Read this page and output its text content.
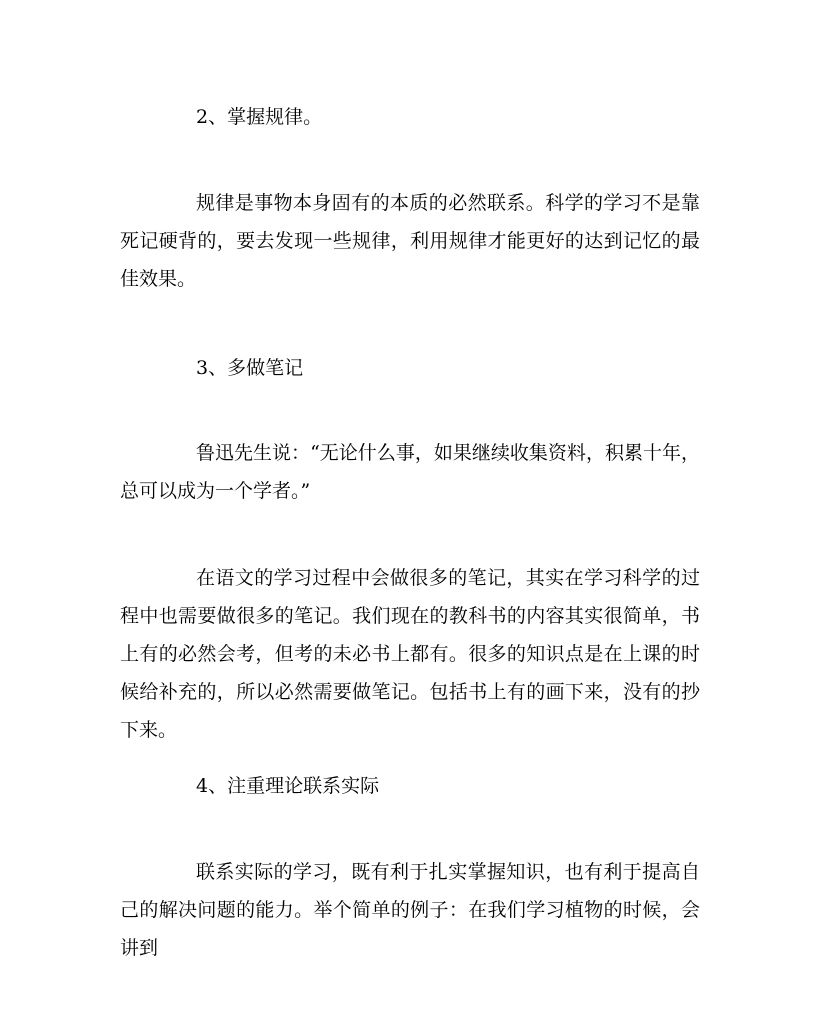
2、掌握规律。

规律是事物本身固有的本质的必然联系。科学的学习不是靠死记硬背的，要去发现一些规律，利用规律才能更好的达到记忆的最佳效果。

3、多做笔记

鲁迅先生说：“无论什么事，如果继续收集资料，积累十年，总可以成为一个学者。”

在语文的学习过程中会做很多的笔记，其实在学习科学的过程中也需要做很多的笔记。我们现在的教科书的内容其实很简单，书上有的必然会考，但考的未必书上都有。很多的知识点是在上课的时候给补充的，所以必然需要做笔记。包括书上有的画下来，没有的抄下来。

4、注重理论联系实际

联系实际的学习，既有利于扎实掌握知识，也有利于提高自己的解决问题的能力。举个简单的例子：在我们学习植物的时候，会讲到
